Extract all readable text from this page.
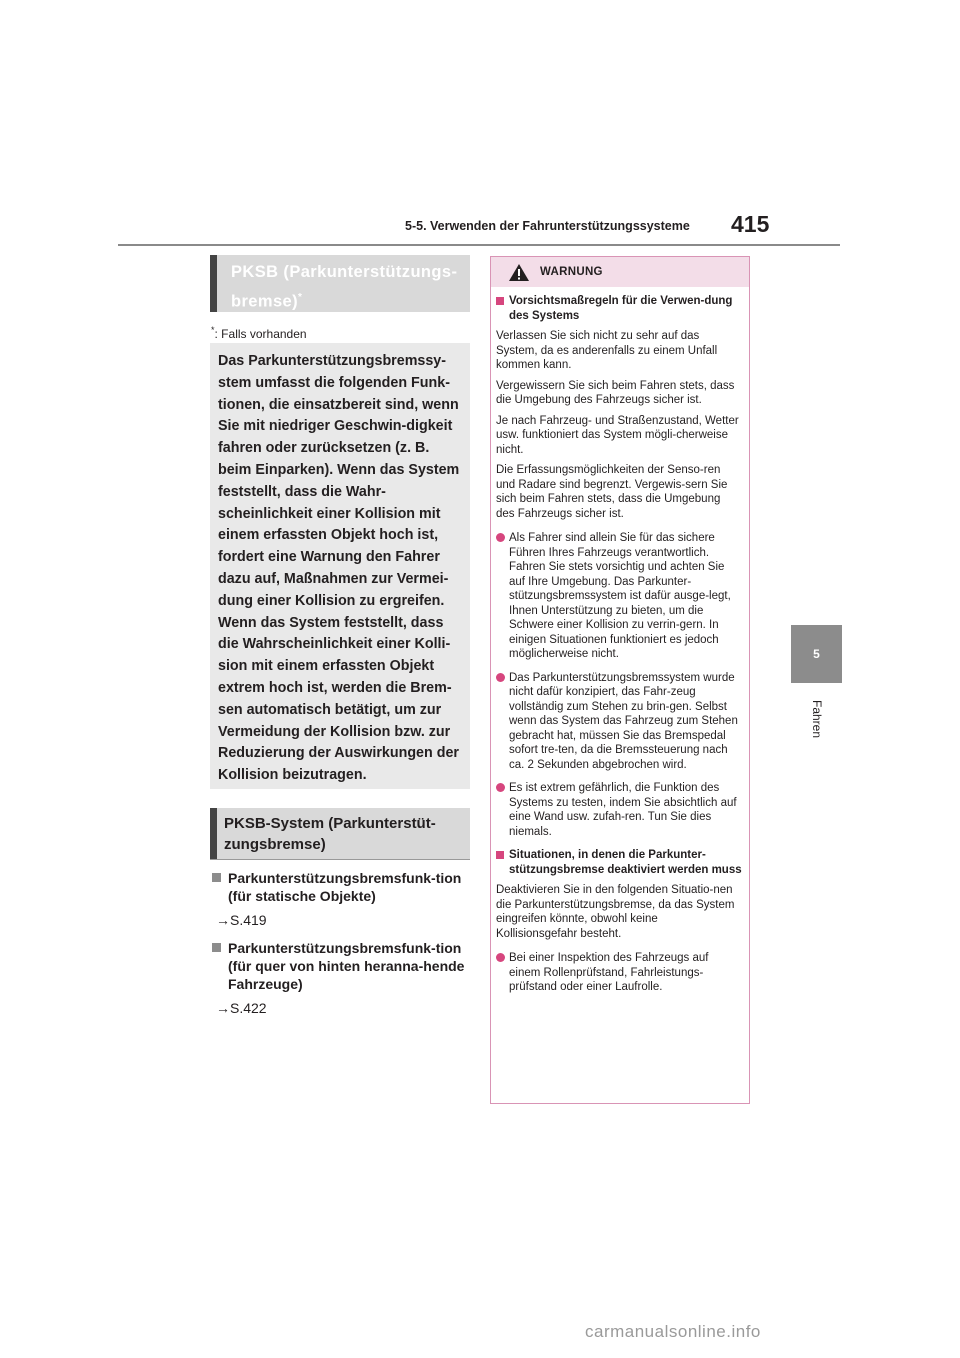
5-5. Verwenden der Fahrunterstützungssysteme 415
5
Fahren
PKSB (Parkunterstützungs-bremse)*
*: Falls vorhanden
Das Parkunterstützungsbremssy-stem umfasst die folgenden Funk-tionen, die einsatzbereit sind, wenn Sie mit niedriger Geschwin-digkeit fahren oder zurücksetzen (z. B. beim Einparken). Wenn das System feststellt, dass die Wahr-scheinlichkeit einer Kollision mit einem erfassten Objekt hoch ist, fordert eine Warnung den Fahrer dazu auf, Maßnahmen zur Vermei-dung einer Kollision zu ergreifen. Wenn das System feststellt, dass die Wahrscheinlichkeit einer Kolli-sion mit einem erfassten Objekt extrem hoch ist, werden die Brem-sen automatisch betätigt, um zur Vermeidung der Kollision bzw. zur Reduzierung der Auswirkungen der Kollision beizutragen.
PKSB-System (Parkunterstüt-zungsbremse)
Parkunterstützungsbremsfunk-tion (für statische Objekte)
→S.419
Parkunterstützungsbremsfunk-tion (für quer von hinten heranna-hende Fahrzeuge)
→S.422
WARNUNG
Vorsichtsmaßregeln für die Verwen-dung des Systems

Verlassen Sie sich nicht zu sehr auf das System, da es anderenfalls zu einem Unfall kommen kann.

Vergewissern Sie sich beim Fahren stets, dass die Umgebung des Fahrzeugs sicher ist.

Je nach Fahrzeug- und Straßenzustand, Wetter usw. funktioniert das System mögli-cherweise nicht.

Die Erfassungsmöglichkeiten der Senso-ren und Radare sind begrenzt. Vergewis-sern Sie sich beim Fahren stets, dass die Umgebung des Fahrzeugs sicher ist.

Als Fahrer sind allein Sie für das sichere Führen Ihres Fahrzeugs verantwortlich. Fahren Sie stets vorsichtig und achten Sie auf Ihre Umgebung. Das Parkunter-stützungsbremssystem ist dafür ausge-legt, Ihnen Unterstützung zu bieten, um die Schwere einer Kollision zu verrin-gern. In einigen Situationen funktioniert es jedoch möglicherweise nicht.
Das Parkunterstützungsbremssystem wurde nicht dafür konzipiert, das Fahr-zeug vollständig zum Stehen zu brin-gen. Selbst wenn das System das Fahrzeug zum Stehen gebracht hat, müssen Sie das Bremspedal sofort tre-ten, da die Bremssteuerung nach ca. 2 Sekunden abgebrochen wird.
Es ist extrem gefährlich, die Funktion des Systems zu testen, indem Sie absichtlich auf eine Wand usw. zufah-ren. Tun Sie dies niemals.
Situationen, in denen die Parkunter-stützungsbremse deaktiviert werden muss

Deaktivieren Sie in den folgenden Situatio-nen die Parkunterstützungsbremse, da das System eingreifen könnte, obwohl keine Kollisionsgefahr besteht.

Bei einer Inspektion des Fahrzeugs auf einem Rollenprüfstand, Fahrleistungs-prüfstand oder einer Laufrolle.
carmanualsonline.info
